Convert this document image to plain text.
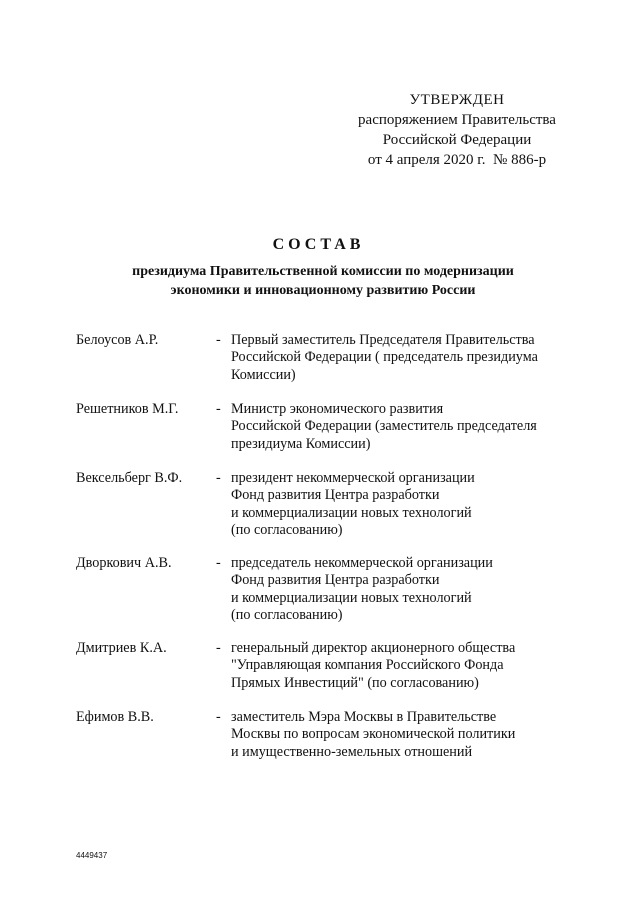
УТВЕРЖДЕН
распоряжением Правительства
Российской Федерации
от 4 апреля 2020 г.  № 886-р
СОСТАВ
президиума Правительственной комиссии по модернизации
экономики и инновационному развитию России
Белоусов А.Р.	- Первый заместитель Председателя Правительства
Российской Федерации ( председатель президиума
Комиссии)
Решетников М.Г.	- Министр экономического развития
Российской Федерации (заместитель председателя
президиума Комиссии)
Вексельберг В.Ф.	- президент некоммерческой организации
Фонд развития Центра разработки
и коммерциализации новых технологий
(по согласованию)
Дворкович А.В.	- председатель некоммерческой организации
Фонд развития Центра разработки
и коммерциализации новых технологий
(по согласованию)
Дмитриев К.А.	- генеральный директор акционерного общества
"Управляющая компания Российского Фонда
Прямых Инвестиций" (по согласованию)
Ефимов В.В.	- заместитель Мэра Москвы в Правительстве
Москвы по вопросам экономической политики
и имущественно-земельных отношений
4449437
